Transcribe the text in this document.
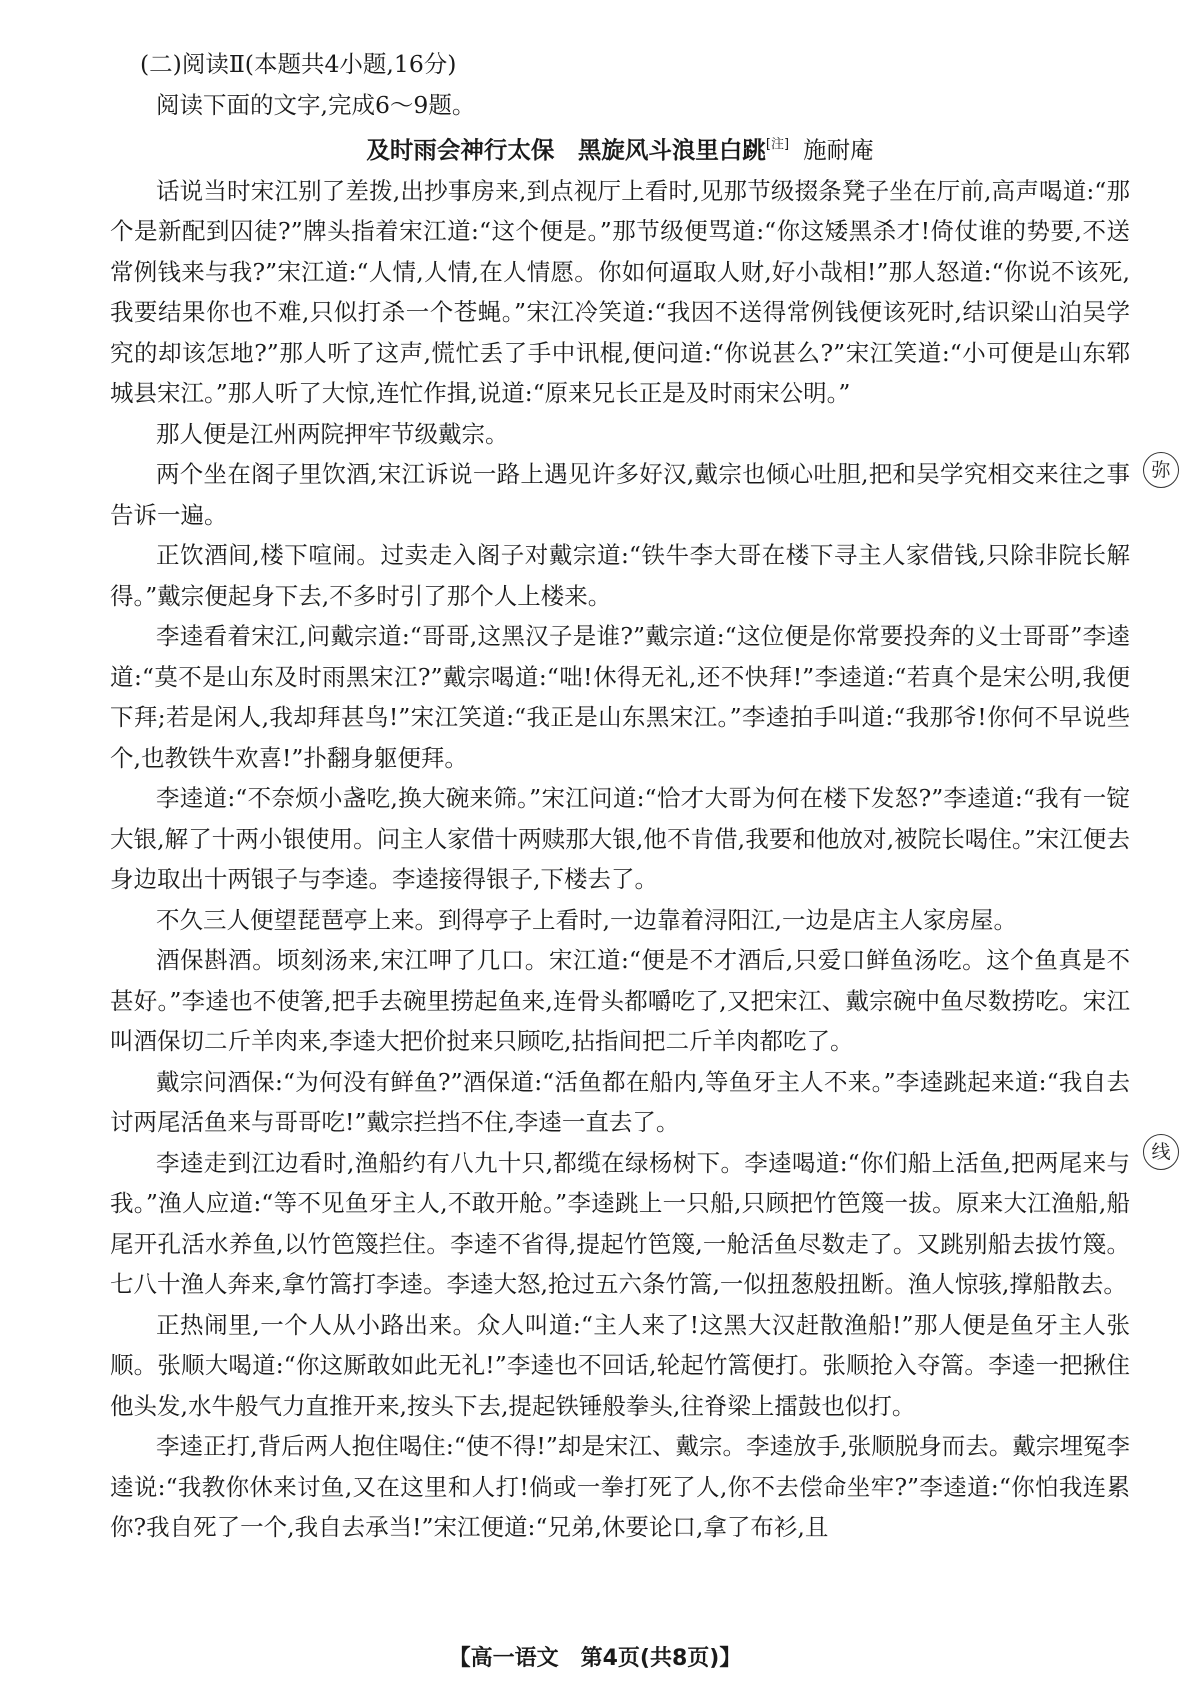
(二)阅读Ⅱ(本题共4小题,16分)

阅读下面的文字,完成6～9题。

及时雨会神行太保　黑旋风斗浪里白跳[注] 施耐庵

话说当时宋江别了差拨,出抄事房来,到点视厅上看时,见那节级掇条凳子坐在厅前,高声喝道:“那个是新配到囚徒?”牌头指着宋江道:“这个便是。”那节级便骂道:“你这矮黑杀才!倚仗谁的势要,不送常例钱来与我?”宋江道:“人情,人情,在人情愿。你如何逼取人财,好小哉相!”那人怒道:“你说不该死,我要结果你也不难,只似打杀一个苍蝇。”宋江冷笑道:“我因不送得常例钱便该死时,结识梁山泊吴学究的却该怎地?”那人听了这声,慌忙丢了手中讯棍,便问道:“你说甚么?”宋江笑道:“小可便是山东郓城县宋江。”那人听了大惊,连忙作揖,说道:“原来兄长正是及时雨宋公明。”

那人便是江州两院押牢节级戴宗。

两个坐在阁子里饮酒,宋江诉说一路上遇见许多好汉,戴宗也倾心吐胆,把和吴学究相交来往之事告诉一遍。

正饮酒间,楼下喧闹。过卖走入阁子对戴宗道:“铁牛李大哥在楼下寻主人家借钱,只除非院长解得。”戴宗便起身下去,不多时引了那个人上楼来。

李逵看着宋江,问戴宗道:“哥哥,这黑汉子是谁?”戴宗道:“这位便是你常要投奔的义士哥哥”李逵道:“莫不是山东及时雨黑宋江?”戴宗喝道:“咄!休得无礼,还不快拜!”李逵道:“若真个是宋公明,我便下拜;若是闲人,我却拜甚鸟!”宋江笑道:“我正是山东黑宋江。”李逵拍手叫道:“我那爷!你何不早说些个,也教铁牛欢喜!”扑翻身躯便拜。

李逵道:“不奈烦小盏吃,换大碗来筛。”宋江问道:“恰才大哥为何在楼下发怒?”李逵道:“我有一锭大银,解了十两小银使用。问主人家借十两赎那大银,他不肯借,我要和他放对,被院长喝住。”宋江便去身边取出十两银子与李逵。李逵接得银子,下楼去了。

不久三人便望琵琶亭上来。到得亭子上看时,一边靠着浔阳江,一边是店主人家房屋。

酒保斟酒。顷刻汤来,宋江呷了几口。宋江道:“便是不才酒后,只爱口鲜鱼汤吃。这个鱼真是不甚好。”李逵也不使箸,把手去碗里捞起鱼来,连骨头都嚼吃了,又把宋江、戴宗碗中鱼尽数捞吃。宋江叫酒保切二斤羊肉来,李逵大把价挝来只顾吃,拈指间把二斤羊肉都吃了。

戴宗问酒保:“为何没有鲜鱼?”酒保道:“活鱼都在船内,等鱼牙主人不来。”李逵跳起来道:“我自去讨两尾活鱼来与哥哥吃!”戴宗拦挡不住,李逵一直去了。

李逵走到江边看时,渔船约有八九十只,都缆在绿杨树下。李逵喝道:“你们船上活鱼,把两尾来与我。”渔人应道:“等不见鱼牙主人,不敢开舱。”李逵跳上一只船,只顾把竹笆篾一拔。原来大江渔船,船尾开孔活水养鱼,以竹笆篾拦住。李逵不省得,提起竹笆篾,一舱活鱼尽数走了。又跳别船去拔竹篾。七八十渔人奔来,拿竹篙打李逵。李逵大怒,抢过五六条竹篙,一似扭葱般扭断。渔人惊骇,撑船散去。

正热闹里,一个人从小路出来。众人叫道:“主人来了!这黑大汉赶散渔船!”那人便是鱼牙主人张顺。张顺大喝道:“你这厮敢如此无礼!”李逵也不回话,轮起竹篙便打。张顺抢入夺篙。李逵一把揪住他头发,水牛般气力直推开来,按头下去,提起铁锤般拳头,往脊梁上擂鼓也似打。

李逵正打,背后两人抱住喝住:“使不得!”却是宋江、戴宗。李逵放手,张顺脱身而去。戴宗埋冤李逵说:“我教你休来讨鱼,又在这里和人打!倘或一拳打死了人,你不去偿命坐牢?”李逵道:“你怕我连累你?我自死了一个,我自去承当!”宋江便道:“兄弟,休要论口,拿了布衫,且

弥
线
【高一语文　第4页(共8页)】
